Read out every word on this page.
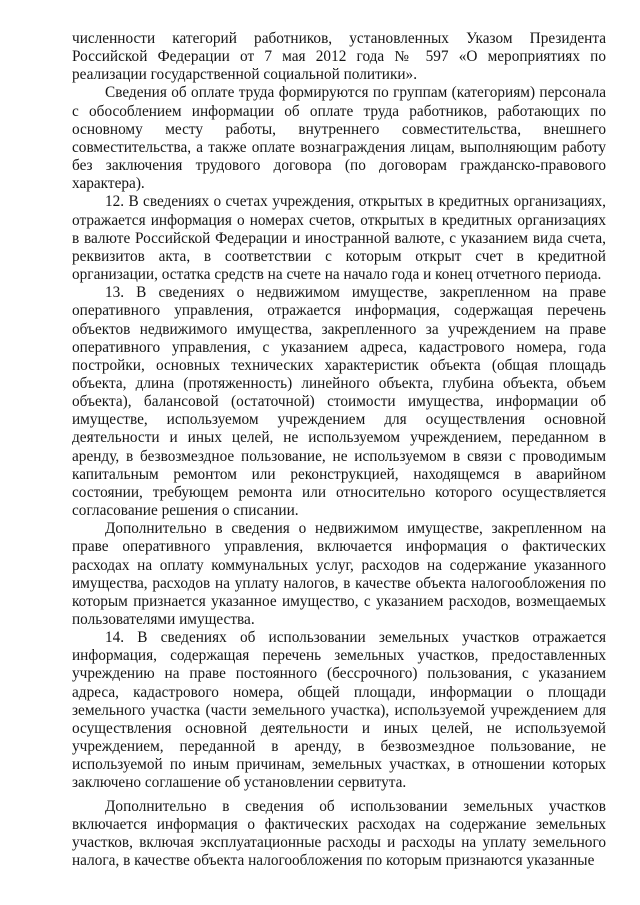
численности категорий работников, установленных Указом Президента Российской Федерации от 7 мая 2012 года № 597 «О мероприятиях по реализации государственной социальной политики».

Сведения об оплате труда формируются по группам (категориям) персонала с обособлением информации об оплате труда работников, работающих по основному месту работы, внутреннего совместительства, внешнего совместительства, а также оплате вознаграждения лицам, выполняющим работу без заключения трудового договора (по договорам гражданско-правового характера).

12. В сведениях о счетах учреждения, открытых в кредитных организациях, отражается информация о номерах счетов, открытых в кредитных организациях в валюте Российской Федерации и иностранной валюте, с указанием вида счета, реквизитов акта, в соответствии с которым открыт счет в кредитной организации, остатка средств на счете на начало года и конец отчетного периода.

13. В сведениях о недвижимом имуществе, закрепленном на праве оперативного управления, отражается информация, содержащая перечень объектов недвижимого имущества, закрепленного за учреждением на праве оперативного управления, с указанием адреса, кадастрового номера, года постройки, основных технических характеристик объекта (общая площадь объекта, длина (протяженность) линейного объекта, глубина объекта, объем объекта), балансовой (остаточной) стоимости имущества, информации об имуществе, используемом учреждением для осуществления основной деятельности и иных целей, не используемом учреждением, переданном в аренду, в безвозмездное пользование, не используемом в связи с проводимым капитальным ремонтом или реконструкцией, находящемся в аварийном состоянии, требующем ремонта или относительно которого осуществляется согласование решения о списании.

Дополнительно в сведения о недвижимом имуществе, закрепленном на праве оперативного управления, включается информация о фактических расходах на оплату коммунальных услуг, расходов на содержание указанного имущества, расходов на уплату налогов, в качестве объекта налогообложения по которым признается указанное имущество, с указанием расходов, возмещаемых пользователями имущества.

14. В сведениях об использовании земельных участков отражается информация, содержащая перечень земельных участков, предоставленных учреждению на праве постоянного (бессрочного) пользования, с указанием адреса, кадастрового номера, общей площади, информации о площади земельного участка (части земельного участка), используемой учреждением для осуществления основной деятельности и иных целей, не используемой учреждением, переданной в аренду, в безвозмездное пользование, не используемой по иным причинам, земельных участках, в отношении которых заключено соглашение об установлении сервитута.

Дополнительно в сведения об использовании земельных участков включается информация о фактических расходах на содержание земельных участков, включая эксплуатационные расходы и расходы на уплату земельного налога, в качестве объекта налогообложения по которым признаются указанные
